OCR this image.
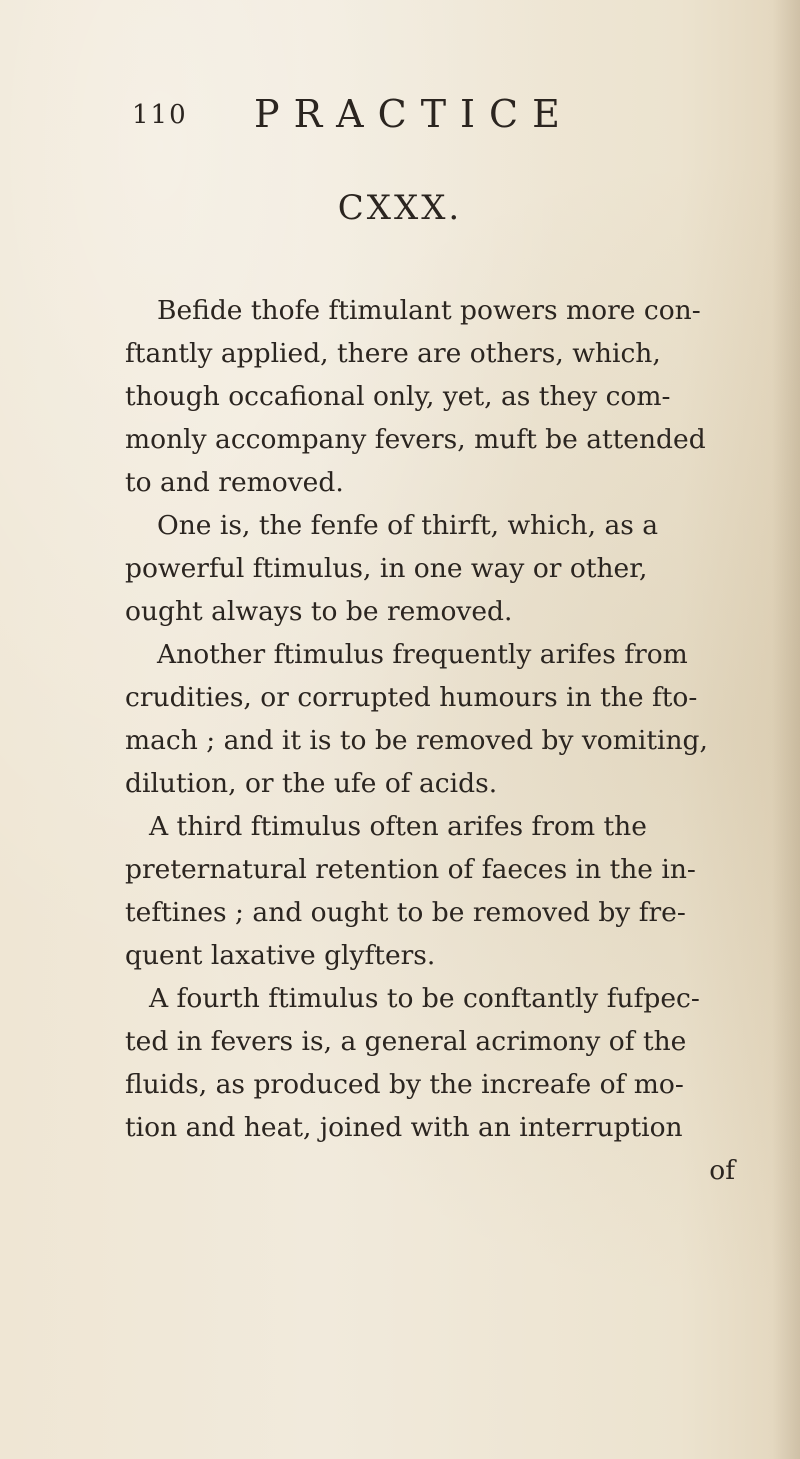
110 PRACTICE
CXXX.
Befide thofe ftimulant powers more con-
ftantly applied, there are others, which,
though occafional only, yet, as they com-
monly accompany fevers, muft be attended
to and removed.
One is, the fenfe of thirft, which, as a
powerful ftimulus, in one way or other,
ought always to be removed.
Another ftimulus frequently arifes from
crudities, or corrupted humours in the fto-
mach ; and it is to be removed by vomiting,
dilution, or the ufe of acids.
A third ftimulus often arifes from the
preternatural retention of faeces in the in-
teftines ; and ought to be removed by fre-
quent laxative glyfters.
A fourth ftimulus to be conftantly fufpec-
ted in fevers is, a general acrimony of the
fluids, as produced by the increafe of mo-
tion and heat, joined with an interruption
of
